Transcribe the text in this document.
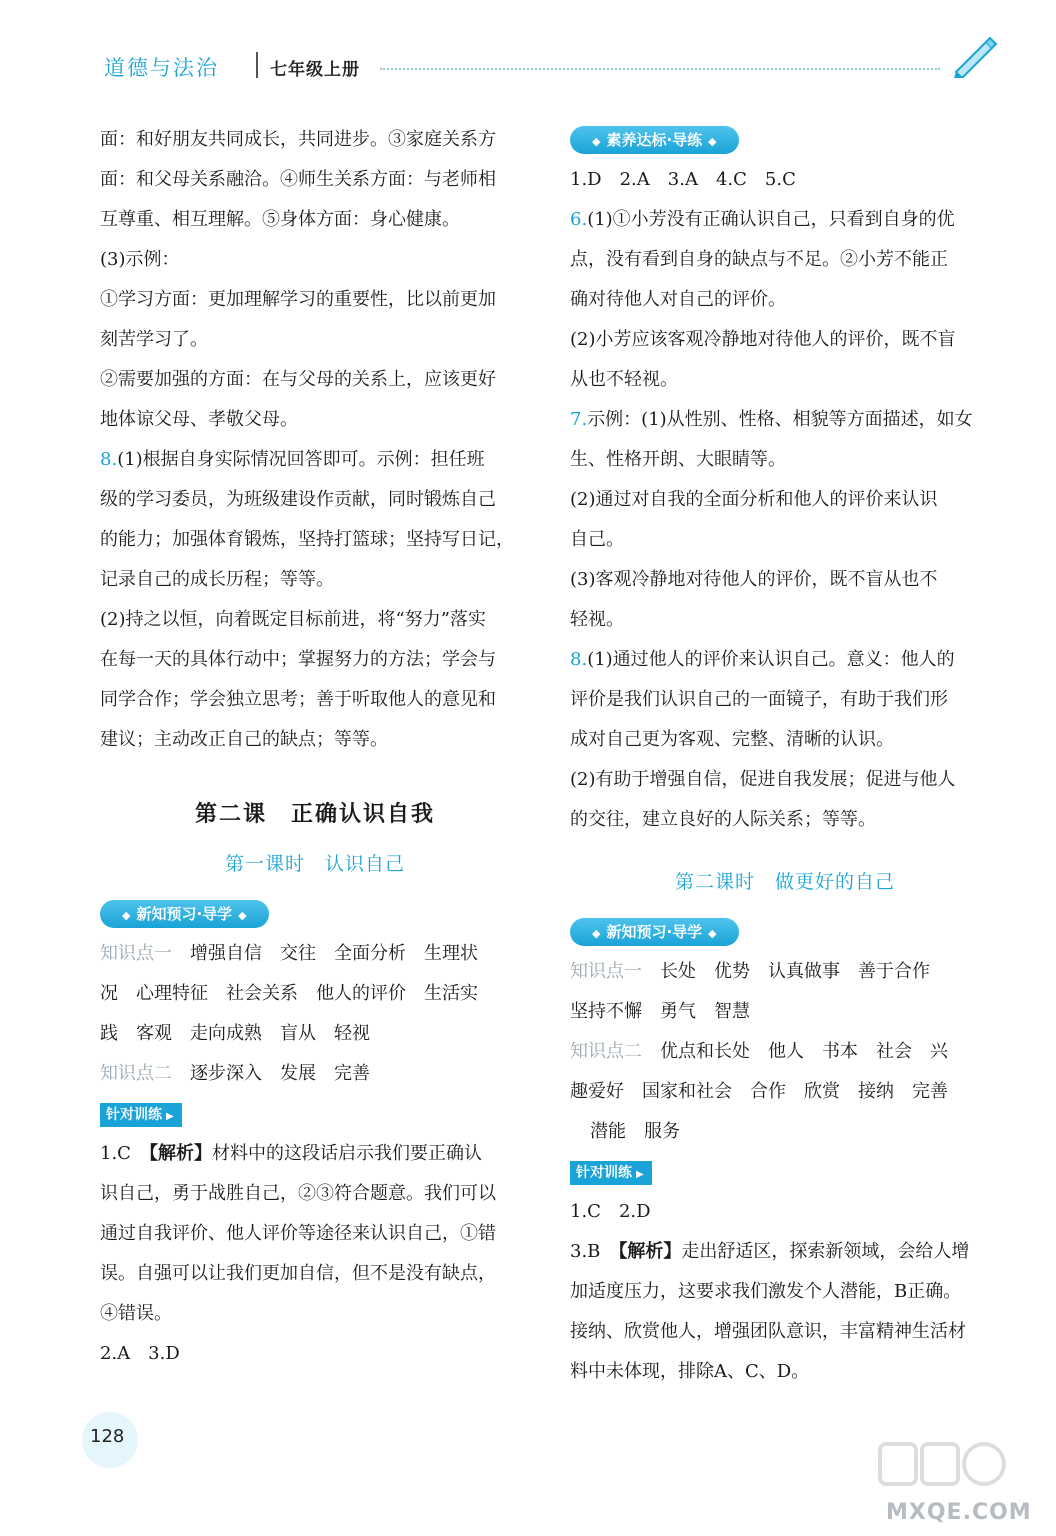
道德与法治	七年级上册

面：和好朋友共同成长，共同进步。③家庭关系方

面：和父母关系融洽。④师生关系方面：与老师相

互尊重、相互理解。⑤身体方面：身心健康。

(3)示例：

①学习方面：更加理解学习的重要性，比以前更加

刻苦学习了。

②需要加强的方面：在与父母的关系上，应该更好

地体谅父母、孝敬父母。

8.(1)根据自身实际情况回答即可。示例：担任班

级的学习委员，为班级建设作贡献，同时锻炼自己

的能力；加强体育锻炼，坚持打篮球；坚持写日记，

记录自己的成长历程；等等。

(2)持之以恒，向着既定目标前进，将“努力”落实

在每一天的具体行动中；掌握努力的方法；学会与

同学合作；学会独立思考；善于听取他人的意见和

建议；主动改正自己的缺点；等等。

第二课　正确认识自我
第一课时　认识自己
◆ 新知预习·导学 ◆

知识点一　 增强自信　交往　全面分析　生理状

况　心理特征　社会关系　他人的评价　生活实

践　客观　走向成熟　盲从　轻视

知识点二　 逐步深入　发展　完善

针对训练 ▶

1.C　 【解析】材料中的这段话启示我们要正确认

识自己，勇于战胜自己，②③符合题意。我们可以

通过自我评价、他人评价等途径来认识自己，①错

误。自强可以让我们更加自信，但不是没有缺点，

④错误。

2.A　3.D

◆ 素养达标·导练 ◆

1.D　2.A　3.A　4.C　5.C

6.(1)①小芳没有正确认识自己，只看到自身的优

点，没有看到自身的缺点与不足。②小芳不能正

确对待他人对自己的评价。

(2)小芳应该客观冷静地对待他人的评价，既不盲

从也不轻视。

7.示例：(1)从性别、性格、相貌等方面描述，如女

生、性格开朗、大眼睛等。

(2)通过对自我的全面分析和他人的评价来认识

自己。

(3)客观冷静地对待他人的评价，既不盲从也不

轻视。

8.(1)通过他人的评价来认识自己。意义：他人的

评价是我们认识自己的一面镜子，有助于我们形

成对自己更为客观、完整、清晰的认识。

(2)有助于增强自信，促进自我发展；促进与他人

的交往，建立良好的人际关系；等等。

第二课时　做更好的自己
◆ 新知预习·导学 ◆

知识点一　 长处　优势　认真做事　善于合作

坚持不懈　勇气　智慧

知识点二　 优点和长处　他人　书本　社会　兴

趣爱好　国家和社会　合作　欣赏　接纳　完善

潜能　服务

针对训练 ▶

1.C　2.D

3.B　 【解析】走出舒适区，探索新领域，会给人增

加适度压力，这要求我们激发个人潜能，B正确。

接纳、欣赏他人，增强团队意识，丰富精神生活材

料中未体现，排除A、C、D。

128
MXQE.COM
